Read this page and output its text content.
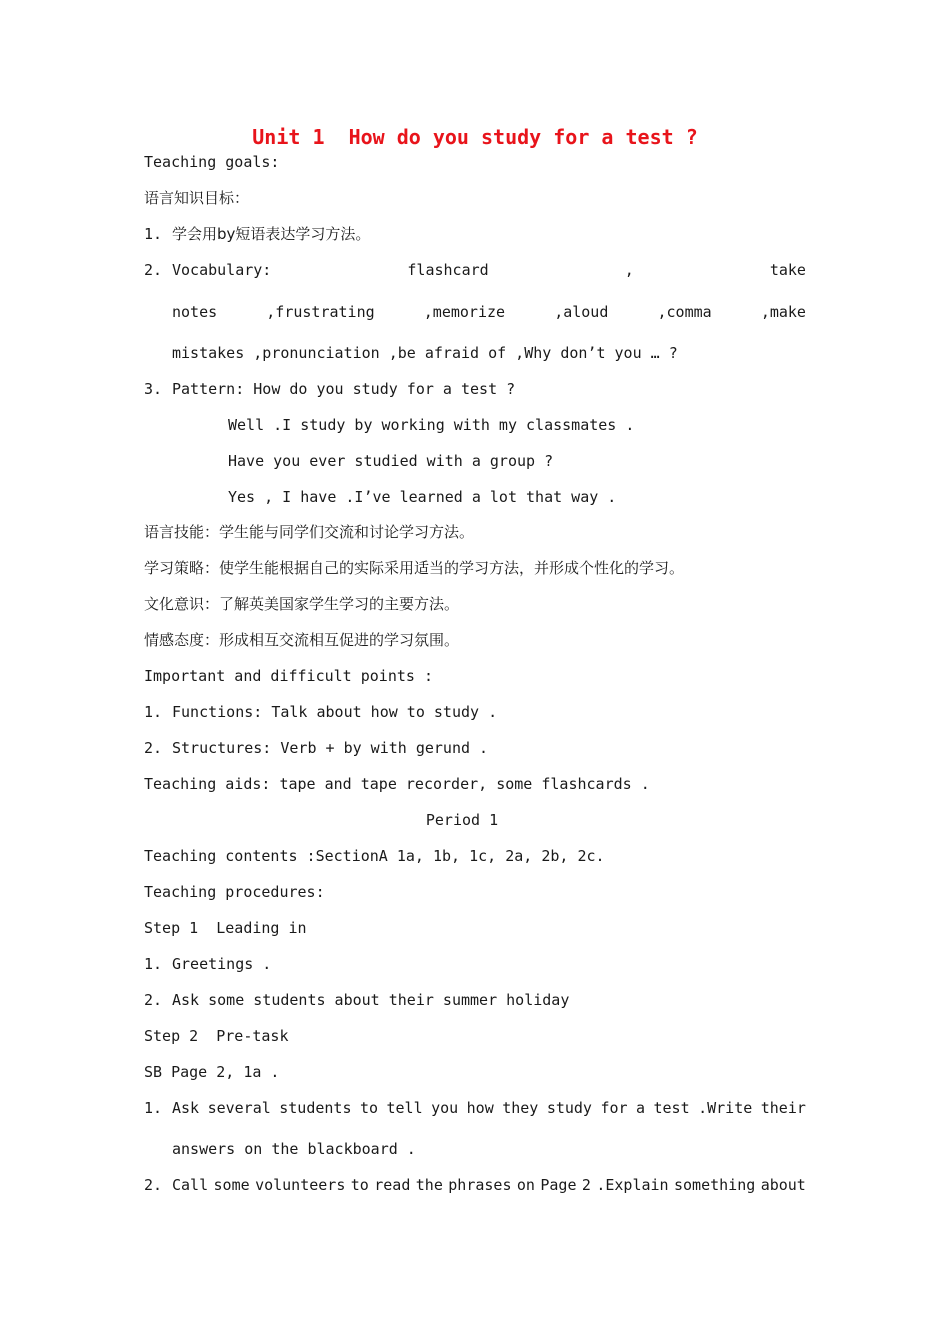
Unit 1  How do you study for a test ?
Teaching goals:
语言知识目标：
1. 学会用by短语表达学习方法。
2. Vocabulary:	flashcard	,	take
notes	,frustrating	,memorize	,aloud	,comma	,make
mistakes ,pronunciation ,be afraid of ,Why don’t you … ?
3. Pattern: How do you study for a test ?
Well .I study by working with my classmates .
Have you ever studied with a group ?
Yes , I have .I’ve learned a lot that way .
语言技能：学生能与同学们交流和讨论学习方法。
学习策略：使学生能根据自己的实际采用适当的学习方法，并形成个性化的学习。
文化意识：了解英美国家学生学习的主要方法。
情感态度：形成相互交流相互促进的学习氛围。
Important and difficult points :
1. Functions: Talk about how to study .
2. Structures: Verb + by with gerund .
Teaching aids: tape and tape recorder, some flashcards .
Period 1
Teaching contents :SectionA 1a, 1b, 1c, 2a, 2b, 2c.
Teaching procedures:
Step 1  Leading in
1. Greetings .
2. Ask some students about their summer holiday
Step 2  Pre-task
SB Page 2, 1a .
1. Ask several students to tell you how they study for a test .Write their
answers on the blackboard .
2. Call some volunteers to read the phrases on Page 2 .Explain something about
